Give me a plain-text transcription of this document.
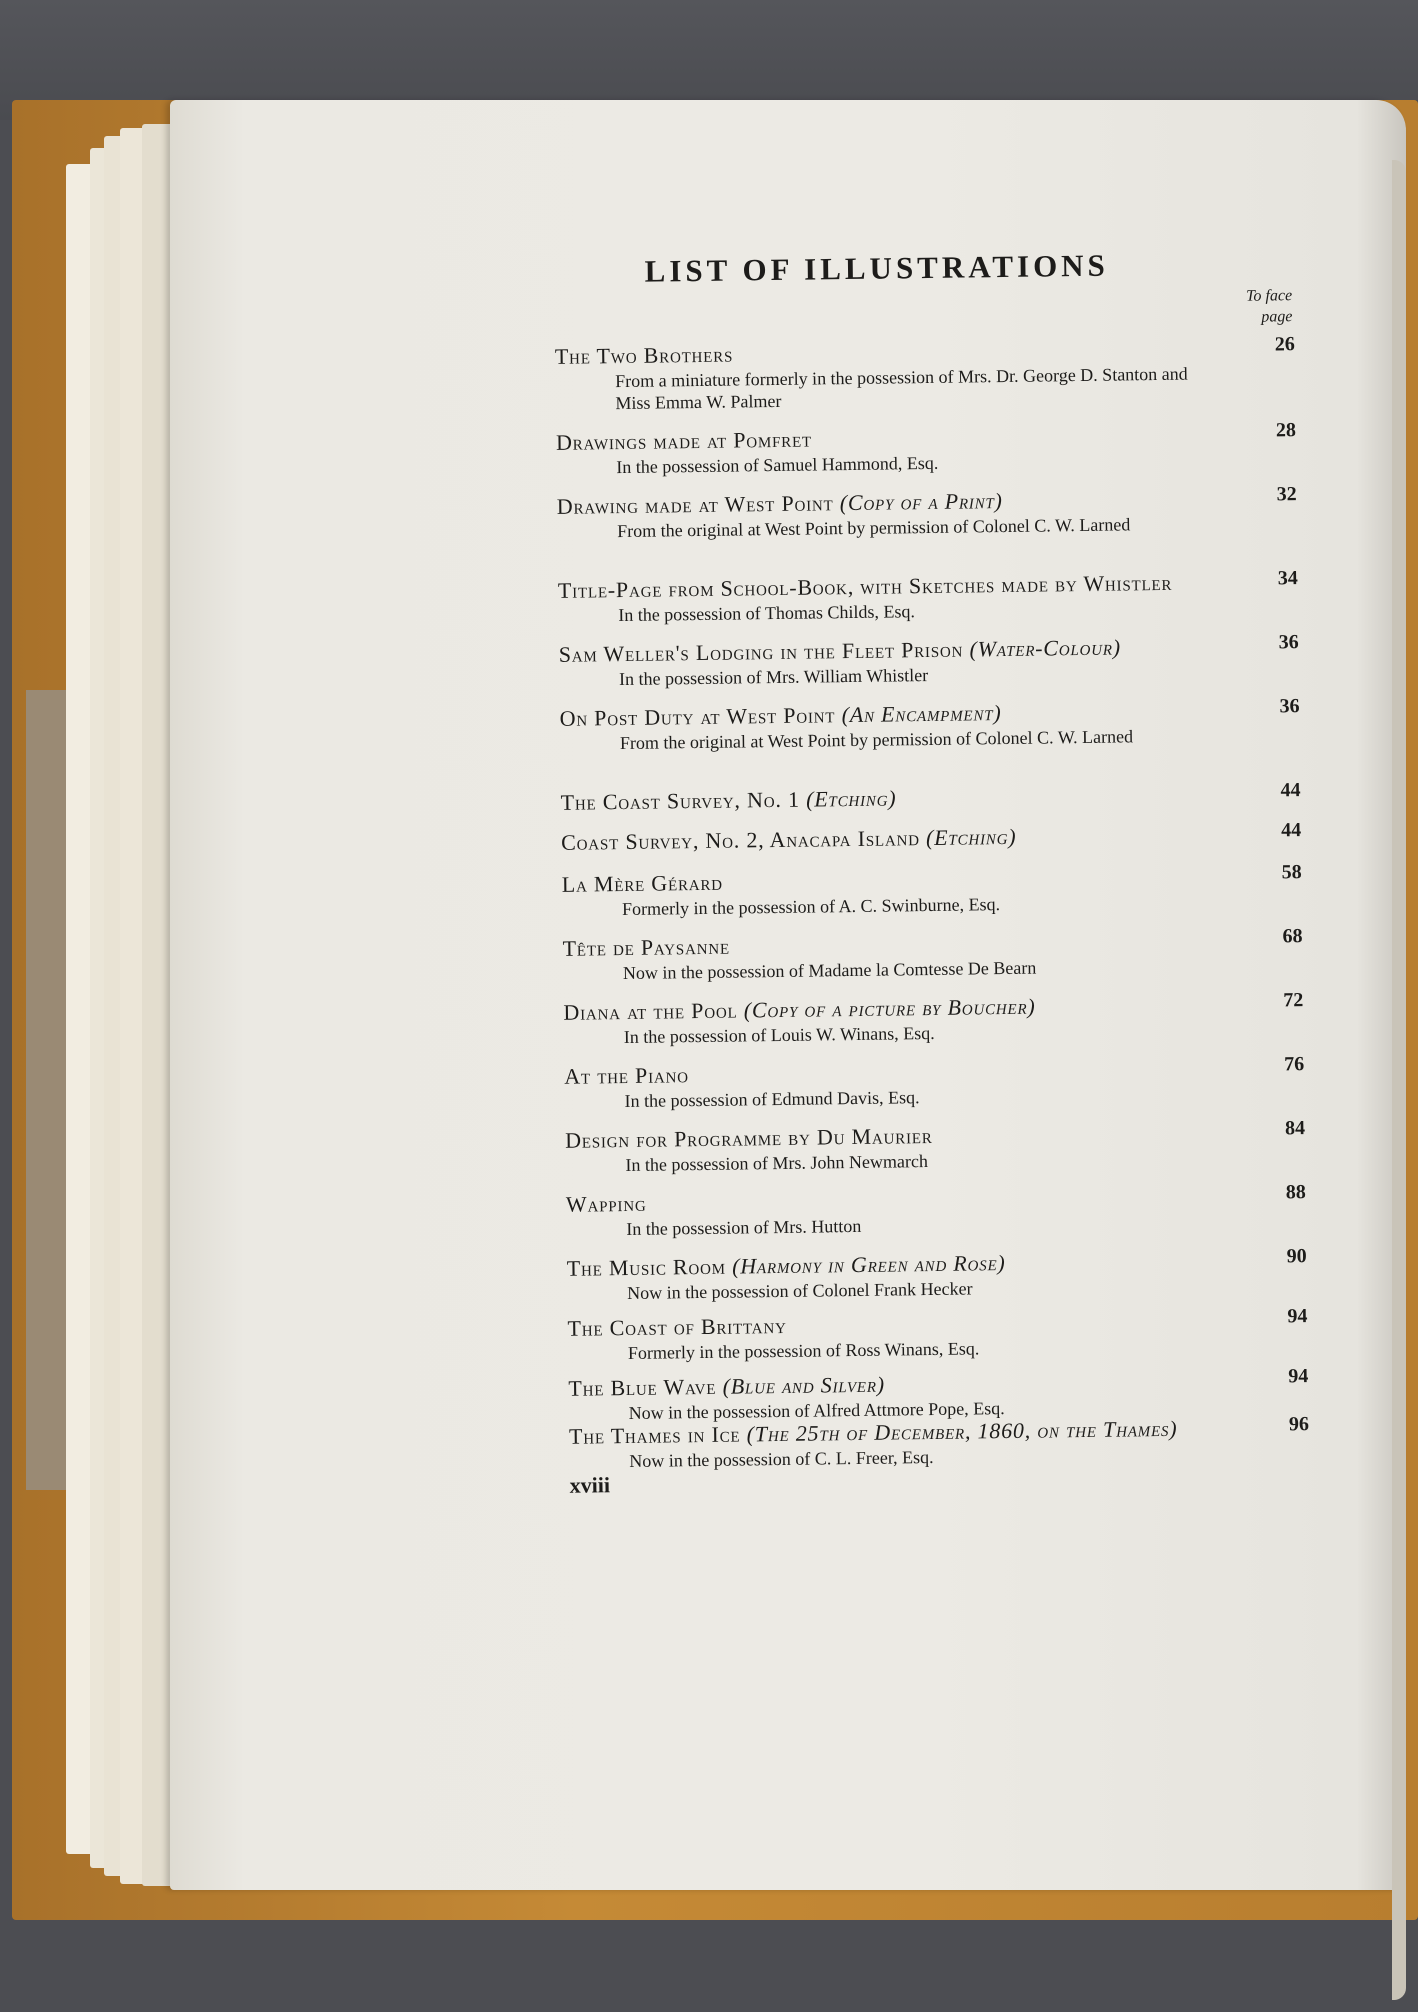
LIST OF ILLUSTRATIONS
To face
page
The Two Brothers
From a miniature formerly in the possession of Mrs. Dr. George D. Stanton and Miss Emma W. Palmer
26
Drawings made at Pomfret
In the possession of Samuel Hammond, Esq.
28
Drawing made at West Point (Copy of a Print)
From the original at West Point by permission of Colonel C. W. Larned
32
Title-Page from School-Book, with Sketches made by Whistler
In the possession of Thomas Childs, Esq.
34
Sam Weller's Lodging in the Fleet Prison (Water-Colour)
In the possession of Mrs. William Whistler
36
On Post Duty at West Point (An Encampment)
From the original at West Point by permission of Colonel C. W. Larned
36
The Coast Survey, No. 1 (Etching)	44
Coast Survey, No. 2, Anacapa Island (Etching)	44
La Mère Gérard
Formerly in the possession of A. C. Swinburne, Esq.
58
Tête de Paysanne
Now in the possession of Madame la Comtesse De Bearn
68
Diana at the Pool (Copy of a picture by Boucher)
In the possession of Louis W. Winans, Esq.
72
At the Piano
In the possession of Edmund Davis, Esq.
76
Design for Programme by Du Maurier
In the possession of Mrs. John Newmarch
84
Wapping
In the possession of Mrs. Hutton
88
The Music Room (Harmony in Green and Rose)
Now in the possession of Colonel Frank Hecker
90
The Coast of Brittany
Formerly in the possession of Ross Winans, Esq.
94
The Blue Wave (Blue and Silver)
Now in the possession of Alfred Attmore Pope, Esq.
94
The Thames in Ice (The 25th of December, 1860, on the Thames)
Now in the possession of C. L. Freer, Esq.
96
xviii
